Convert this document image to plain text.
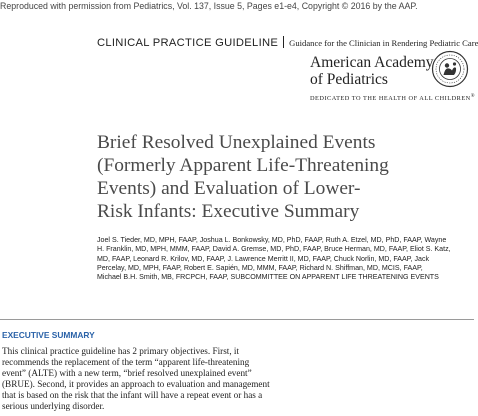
Reproduced with permission from Pediatrics, Vol. 137, Issue 5, Pages e1-e4, Copyright © 2016 by the AAP.
CLINICAL PRACTICE GUIDELINE Guidance for the Clinician in Rendering Pediatric Care
American Academy
of Pediatrics
DEDICATED TO THE HEALTH OF ALL CHILDREN®
Brief Resolved Unexplained Events
(Formerly Apparent Life-Threatening
Events) and Evaluation of Lower-
Risk Infants: Executive Summary
Joel S. Tieder, MD, MPH, FAAP, Joshua L. Bonkowsky, MD, PhD, FAAP, Ruth A. Etzel, MD, PhD, FAAP, Wayne
H. Franklin, MD, MPH, MMM, FAAP, David A. Gremse, MD, PhD, FAAP, Bruce Herman, MD, FAAP, Eliot S. Katz,
MD, FAAP, Leonard R. Krilov, MD, FAAP, J. Lawrence Merritt II, MD, FAAP, Chuck Norlin, MD, FAAP, Jack
Percelay, MD, MPH, FAAP, Robert E. Sapién, MD, MMM, FAAP, Richard N. Shiffman, MD, MCIS, FAAP,
Michael B.H. Smith, MB, FRCPCH, FAAP, SUBCOMMITTEE ON APPARENT LIFE THREATENING EVENTS
EXECUTIVE SUMMARY
This clinical practice guideline has 2 primary objectives. First, it
recommends the replacement of the term “apparent life-threatening
event” (ALTE) with a new term, “brief resolved unexplained event”
(BRUE). Second, it provides an approach to evaluation and management
that is based on the risk that the infant will have a repeat event or has a
serious underlying disorder.
